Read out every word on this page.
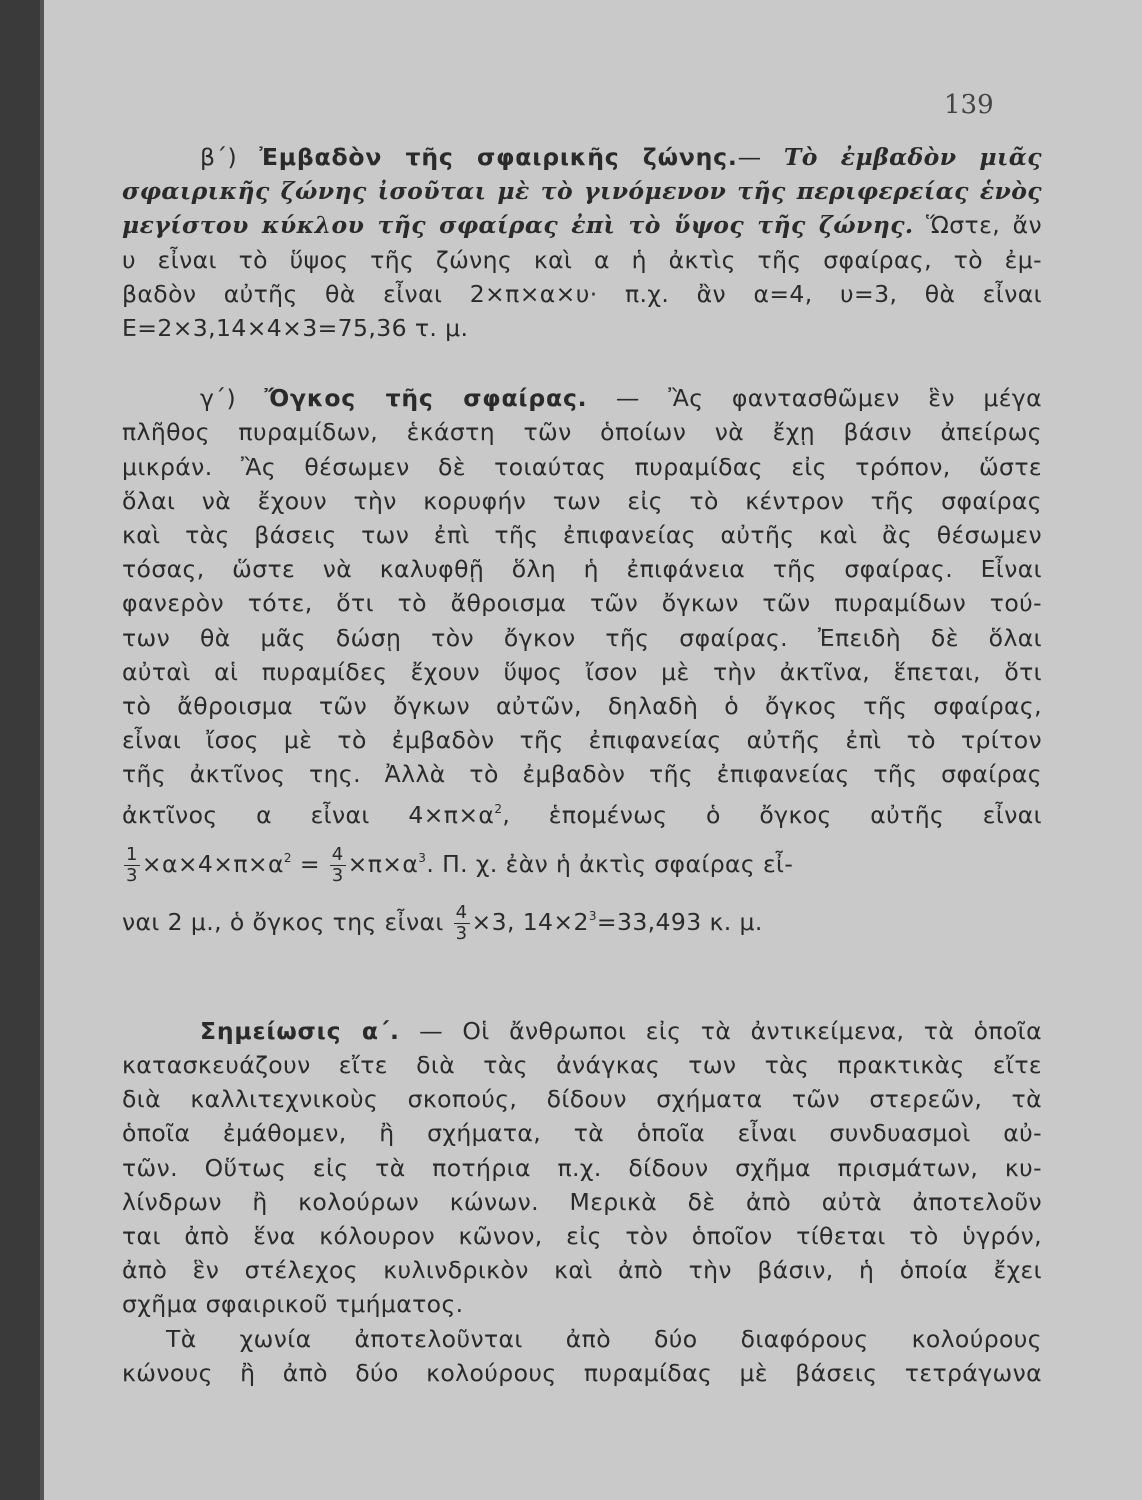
139
β΄) Ἐμβαδὸν τῆς σφαιρικῆς ζώνης.— Τὸ ἐμβαδὸν μιᾶς
σφαιρικῆς ζώνης ἰσοῦται μὲ τὸ γινόμενον τῆς περιφερείας ἑνὸς
μεγίστου κύκλου τῆς σφαίρας ἐπὶ τὸ ὕψος τῆς ζώνης. Ὥστε, ἄν
υ εἶναι τὸ ὕψος τῆς ζώνης καὶ α ἡ ἀκτὶς τῆς σφαίρας, τὸ ἐμ-
βαδὸν αὐτῆς θὰ εἶναι 2×π×α×υ· π.χ. ἂν α=4, υ=3, θὰ εἶναι
Ε=2×3,14×4×3=75,36 τ. μ.
γ΄) Ὄγκος τῆς σφαίρας. — Ἂς φαντασθῶμεν ἓν μέγα
πλῆθος πυραμίδων, ἑκάστη τῶν ὁποίων νὰ ἔχῃ βάσιν ἀπείρως
μικράν. Ἂς θέσωμεν δὲ τοιαύτας πυραμίδας εἰς τρόπον, ὥστε
ὅλαι νὰ ἔχουν τὴν κορυφήν των εἰς τὸ κέντρον τῆς σφαίρας
καὶ τὰς βάσεις των ἐπὶ τῆς ἐπιφανείας αὐτῆς καὶ ἂς θέσωμεν
τόσας, ὥστε νὰ καλυφθῇ ὅλη ἡ ἐπιφάνεια τῆς σφαίρας. Εἶναι
φανερὸν τότε, ὅτι τὸ ἄθροισμα τῶν ὄγκων τῶν πυραμίδων τού-
των θὰ μᾶς δώσῃ τὸν ὄγκον τῆς σφαίρας. Ἐπειδὴ δὲ ὅλαι
αὐταὶ αἱ πυραμίδες ἔχουν ὕψος ἴσον μὲ τὴν ἀκτῖνα, ἕπεται, ὅτι
τὸ ἄθροισμα τῶν ὄγκων αὐτῶν, δηλαδὴ ὁ ὄγκος τῆς σφαίρας,
εἶναι ἴσος μὲ τὸ ἐμβαδὸν τῆς ἐπιφανείας αὐτῆς ἐπὶ τὸ τρίτον
τῆς ἀκτῖνος της. Ἀλλὰ τὸ ἐμβαδὸν τῆς ἐπιφανείας τῆς σφαίρας
ἀκτῖνος α εἶναι $4\times\pi\times\alpha^2$, ἑπομένως ὁ ὄγκος αὐτῆς εἶναι
$\frac{1}{3} \times\alpha\times 4\times\pi\times\alpha^2 = \frac{4}{3} \times\pi\times\alpha^3$. Π. χ. ἐὰν ἡ ἀκτὶς σφαίρας εἶ-
ναι 2 μ., ὁ ὄγκος της εἶναι $\frac{4}{3} \times 3$, $14\times 2^3=33,493$ κ. μ.
Σημείωσις α΄. — Οἱ ἄνθρωποι εἰς τὰ ἀντικείμενα, τὰ ὁποῖα
κατασκευάζουν εἴτε διὰ τὰς ἀνάγκας των τὰς πρακτικὰς εἴτε
διὰ καλλιτεχνικοὺς σκοπούς, δίδουν σχήματα τῶν στερεῶν, τὰ
ὁποῖα ἐμάθομεν, ἢ σχήματα, τὰ ὁποῖα εἶναι συνδυασμοὶ αὐ-
τῶν. Οὕτως εἰς τὰ ποτήρια π.χ. δίδουν σχῆμα πρισμάτων, κυ-
λίνδρων ἢ κολούρων κώνων. Μερικὰ δὲ ἀπὸ αὐτὰ ἀποτελοῦν
ται ἀπὸ ἕνα κόλουρον κῶνον, εἰς τὸν ὁποῖον τίθεται τὸ ὑγρόν,
ἀπὸ ἓν στέλεχος κυλινδρικὸν καὶ ἀπὸ τὴν βάσιν, ἡ ὁποία ἔχει
σχῆμα σφαιρικοῦ τμήματος.
Τὰ χωνία ἀποτελοῦνται ἀπὸ δύο διαφόρους κολούρους
κώνους ἢ ἀπὸ δύο κολούρους πυραμίδας μὲ βάσεις τετράγωνα
